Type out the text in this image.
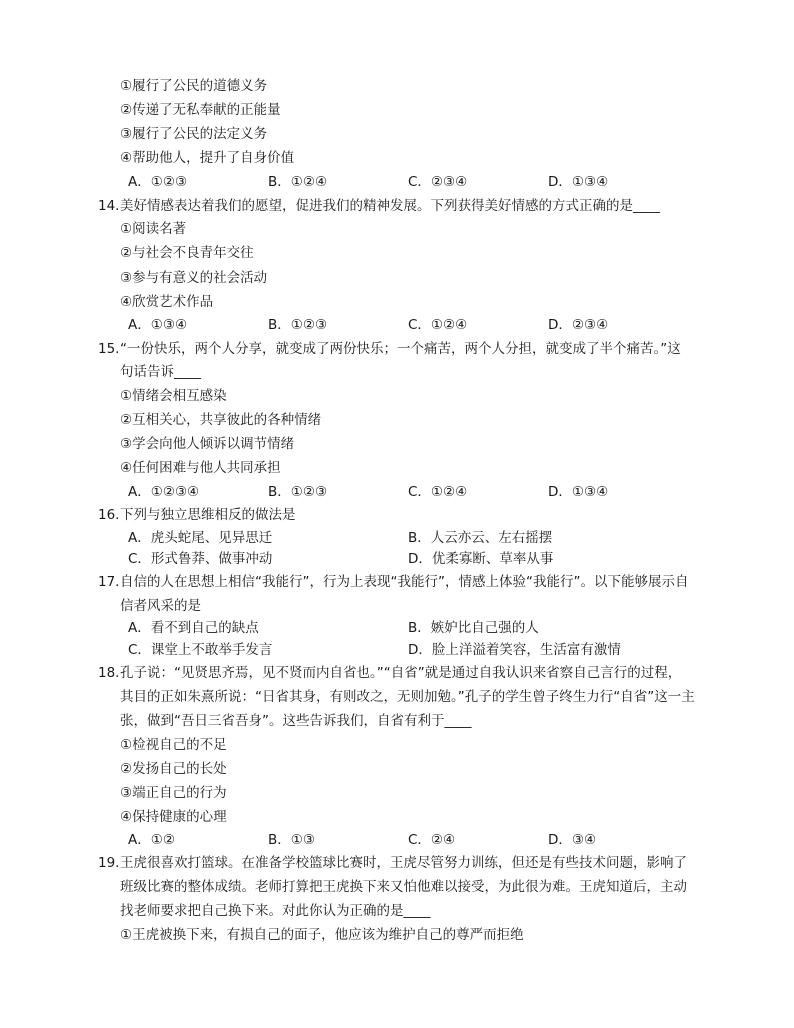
①履行了公民的道德义务
②传递了无私奉献的正能量
③履行了公民的法定义务
④帮助他人，提升了自身价值
A．①②③	B．①②④	C．②③④	D．①③④
14. 美好情感表达着我们的愿望，促进我们的精神发展。下列获得美好情感的方式正确的是____
①阅读名著
②与社会不良青年交往
③参与有意义的社会活动
④欣赏艺术作品
A．①③④	B．①②③	C．①②④	D．②③④
15. “一份快乐，两个人分享，就变成了两份快乐；一个痛苦，两个人分担，就变成了半个痛苦。”这
句话告诉____
①情绪会相互感染
②互相关心，共享彼此的各种情绪
③学会向他人倾诉以调节情绪
④任何困难与他人共同承担
A．①②③④	B．①②③	C．①②④	D．①③④
16. 下列与独立思维相反的做法是
A．虎头蛇尾、见异思迁	B．人云亦云、左右摇摆
C．形式鲁莽、做事冲动	D．优柔寡断、草率从事
17. 自信的人在思想上相信“我能行”，行为上表现“我能行”，情感上体验“我能行”。以下能够展示自
信者风采的是
A．看不到自己的缺点	B．嫉妒比自己强的人
C．课堂上不敢举手发言	D．脸上洋溢着笑容，生活富有激情
18. 孔子说：“见贤思齐焉，见不贤而内自省也。”“自省”就是通过自我认识来省察自己言行的过程，
其目的正如朱熹所说：“日省其身，有则改之，无则加勉。”孔子的学生曾子终生力行“自省”这一主
张，做到“吾日三省吾身”。这些告诉我们，自省有利于____
①检视自己的不足
②发扬自己的长处
③端正自己的行为
④保持健康的心理
A．①②	B．①③	C．②④	D．③④
19. 王虎很喜欢打篮球。在准备学校篮球比赛时，王虎尽管努力训练，但还是有些技术问题，影响了
班级比赛的整体成绩。老师打算把王虎换下来又怕他难以接受，为此很为难。王虎知道后，主动
找老师要求把自己换下来。对此你认为正确的是____
①王虎被换下来，有损自己的面子，他应该为维护自己的尊严而拒绝
